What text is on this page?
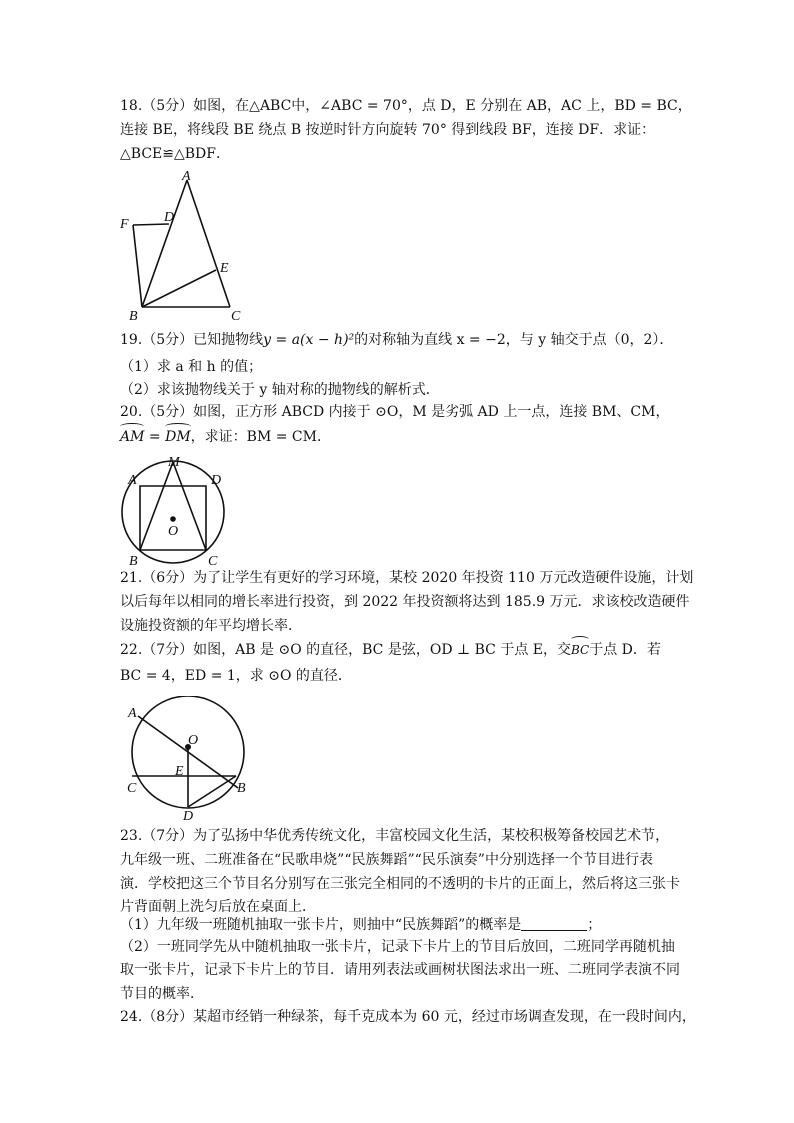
18.（5分）如图，在△ABC中，∠ABC = 70°，点 D，E 分别在 AB，AC 上，BD = BC，
连接 BE，将线段 BE 绕点 B 按逆时针方向旋转 70° 得到线段 BF，连接 DF．求证：
△BCE≌△BDF．
A
D
F
E
B	C
19.（5分）已知抛物线y = a(x − h)²的对称轴为直线 x = −2，与 y 轴交于点（0，2）．
（1）求 a 和 h 的值；
（2）求该抛物线关于 y 轴对称的抛物线的解析式．
20.（5分）如图，正方形 ABCD 内接于 ⊙O，M 是劣弧 AD 上一点，连接 BM、CM，
AM = DM，求证：BM = CM．
M
A	D
O
B	C
21.（6分）为了让学生有更好的学习环境，某校 2020 年投资 110 万元改造硬件设施，计划
以后每年以相同的增长率进行投资，到 2022 年投资额将达到 185.9 万元．求该校改造硬件
设施投资额的年平均增长率．
22.（7分）如图，AB 是 ⊙O 的直径，BC 是弦，OD ⊥ BC 于点 E，交BC于点 D．若
BC = 4，ED = 1，求 ⊙O 的直径．
A
O
E
C	B
D
23.（7分）为了弘扬中华优秀传统文化，丰富校园文化生活，某校积极筹备校园艺术节，
九年级一班、二班准备在“民歌串烧”“民族舞蹈”“民乐演奏”中分别选择一个节目进行表
演．学校把这三个节目名分别写在三张完全相同的不透明的卡片的正面上，然后将这三张卡
片背面朝上洗匀后放在桌面上．
（1）九年级一班随机抽取一张卡片，则抽中“民族舞蹈”的概率是	；
（2）一班同学先从中随机抽取一张卡片，记录下卡片上的节目后放回，二班同学再随机抽
取一张卡片，记录下卡片上的节目．请用列表法或画树状图法求出一班、二班同学表演不同
节目的概率．
24.（8分）某超市经销一种绿茶，每千克成本为 60 元，经过市场调查发现，在一段时间内，
